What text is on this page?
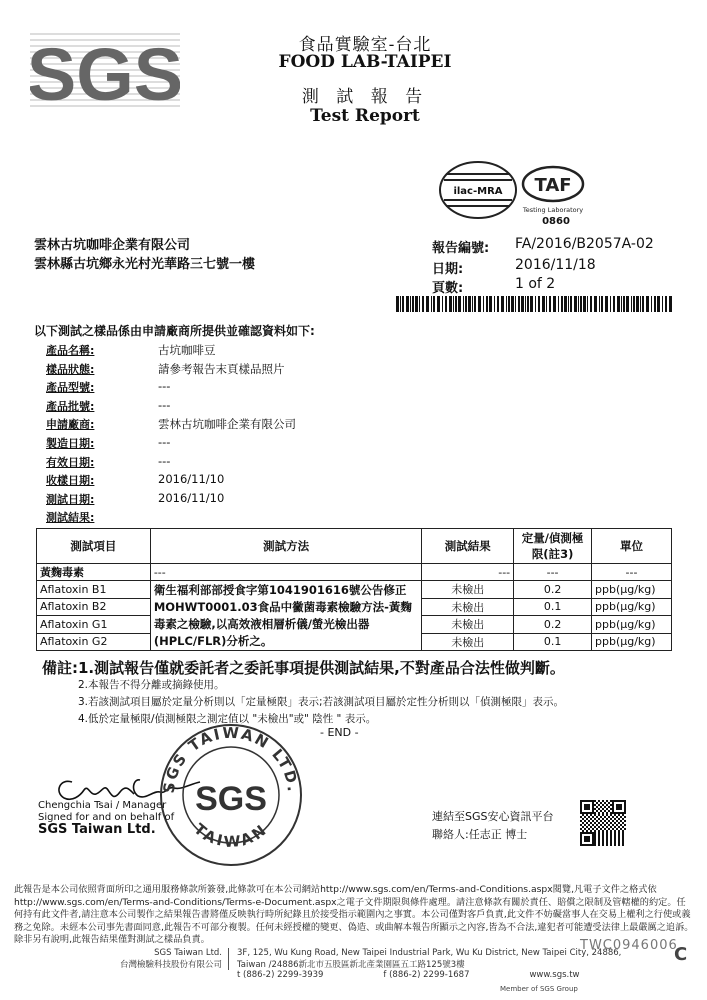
SGS	食品實驗室-台北
FOOD LAB-TAIPEI
測 試 報 告
Test Report
ilac-MRA TAF
Testing Laboratory
0860
雲林古坑咖啡企業有限公司
雲林縣古坑鄉永光村光華路三七號一樓
報告編號: FA/2016/B2057A-02
日期:	2016/11/18
頁數:	1 of 2
以下測試之樣品係由申請廠商所提供並確認資料如下:
產品名稱:	古坑咖啡豆
樣品狀態:	請參考報告末頁樣品照片
產品型號:	---
產品批號:	---
申請廠商:	雲林古坑咖啡企業有限公司
製造日期:	---
有效日期:	---
收樣日期:	2016/11/10
測試日期:	2016/11/10
測試結果:
測試項目	測試方法	測試結果	定量/偵測極限(註3)	單位
黃麴毒素	---	---	---	---
Aflatoxin B1	衛生福利部部授食字第1041901616號公告修正MOHWT0001.03食品中黴菌毒素檢驗方法-黃麴毒素之檢驗,以高效液相層析儀/螢光檢出器(HPLC/FLR)分析之。	未檢出	0.2	ppb(μg/kg)
Aflatoxin B2		未檢出	0.1	ppb(μg/kg)
Aflatoxin G1		未檢出	0.2	ppb(μg/kg)
Aflatoxin G2		未檢出	0.1	ppb(μg/kg)
備註:1.測試報告僅就委託者之委託事項提供測試結果,不對產品合法性做判斷。
2.本報告不得分離或摘錄使用。
3.若該測試項目屬於定量分析則以「定量極限」表示;若該測試項目屬於定性分析則以「偵測極限」表示。
4.低於定量極限/偵測極限之測定值以 "未檢出"或" 陰性 " 表示。
- END -
SGS TAIWAN LTD.
TAIWAN
SGS
Chengchia Tsai / Manager
Signed for and on behalf of
SGS Taiwan Ltd.
連結至SGS安心資訊平台
聯絡人:任志正 博士
此報告是本公司依照背面所印之通用服務條款所簽發,此條款可在本公司網站http://www.sgs.com/en/Terms-and-Conditions.aspx閱覽,凡電子文件之格式依http://www.sgs.com/en/Terms-and-Conditions/Terms-e-Document.aspx之電子文件期限與條件處理。請注意條款有關於責任、賠償之限制及管轄權的約定。任何持有此文件者,請注意本公司製作之結果報告書將僅反映執行時所紀錄且於接受指示範圍內之事實。本公司僅對客戶負責,此文件不妨礙當事人在交易上權利之行使或義務之免除。未經本公司事先書面同意,此報告不可部分複製。任何未經授權的變更、偽造、或曲解本報告所顯示之內容,皆為不合法,違犯者可能遭受法律上最嚴厲之追訴。除非另有說明,此報告結果僅對測試之樣品負責。
SGS Taiwan Ltd.
台灣檢驗科技股份有限公司
3F, 125, Wu Kung Road, New Taipei Industrial Park, Wu Ku District, New Taipei City, 24886, Taiwan /24886新北市五股區新北產業園區五工路125號3樓
t (886-2) 2299-3939	f (886-2) 2299-1687	www.sgs.tw
TWC0946006
Member of SGS Group
C
